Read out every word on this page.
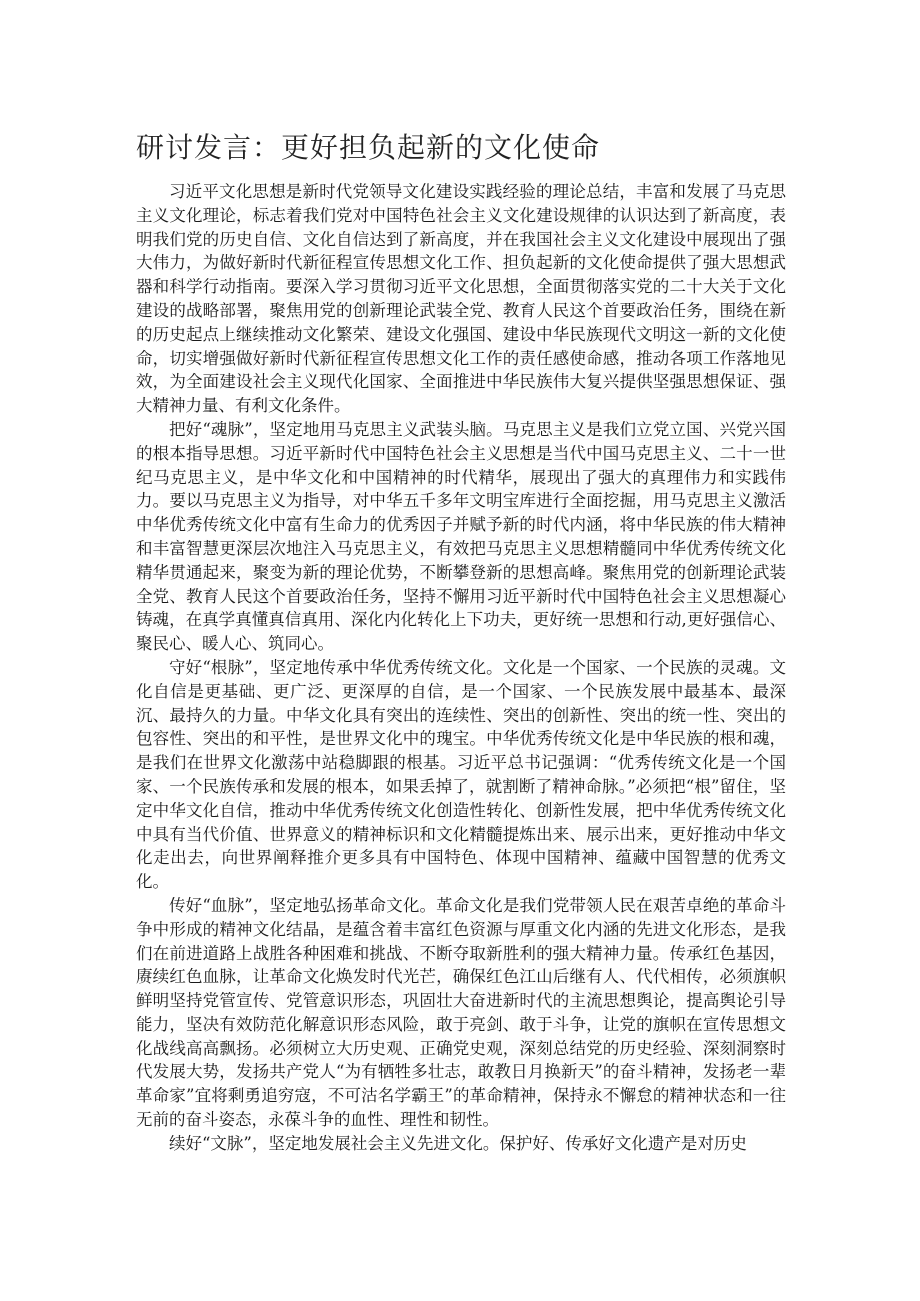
研讨发言：更好担负起新的文化使命

习近平文化思想是新时代党领导文化建设实践经验的理论总结，丰富和发展了马克思主义文化理论，标志着我们党对中国特色社会主义文化建设规律的认识达到了新高度，表明我们党的历史自信、文化自信达到了新高度，并在我国社会主义文化建设中展现出了强大伟力，为做好新时代新征程宣传思想文化工作、担负起新的文化使命提供了强大思想武器和科学行动指南。要深入学习贯彻习近平文化思想，全面贯彻落实党的二十大关于文化建设的战略部署，聚焦用党的创新理论武装全党、教育人民这个首要政治任务，围绕在新的历史起点上继续推动文化繁荣、建设文化强国、建设中华民族现代文明这一新的文化使命，切实增强做好新时代新征程宣传思想文化工作的责任感使命感，推动各项工作落地见效，为全面建设社会主义现代化国家、全面推进中华民族伟大复兴提供坚强思想保证、强大精神力量、有利文化条件。

把好“魂脉”，坚定地用马克思主义武装头脑。马克思主义是我们立党立国、兴党兴国的根本指导思想。习近平新时代中国特色社会主义思想是当代中国马克思主义、二十一世纪马克思主义，是中华文化和中国精神的时代精华，展现出了强大的真理伟力和实践伟力。要以马克思主义为指导，对中华五千多年文明宝库进行全面挖掘，用马克思主义激活中华优秀传统文化中富有生命力的优秀因子并赋予新的时代内涵，将中华民族的伟大精神和丰富智慧更深层次地注入马克思主义，有效把马克思主义思想精髓同中华优秀传统文化精华贯通起来，聚变为新的理论优势，不断攀登新的思想高峰。聚焦用党的创新理论武装全党、教育人民这个首要政治任务，坚持不懈用习近平新时代中国特色社会主义思想凝心铸魂，在真学真懂真信真用、深化内化转化上下功夫，更好统一思想和行动,更好强信心、聚民心、暖人心、筑同心。

守好“根脉”，坚定地传承中华优秀传统文化。文化是一个国家、一个民族的灵魂。文化自信是更基础、更广泛、更深厚的自信，是一个国家、一个民族发展中最基本、最深沉、最持久的力量。中华文化具有突出的连续性、突出的创新性、突出的统一性、突出的包容性、突出的和平性，是世界文化中的瑰宝。中华优秀传统文化是中华民族的根和魂，是我们在世界文化激荡中站稳脚跟的根基。习近平总书记强调：“优秀传统文化是一个国家、一个民族传承和发展的根本，如果丢掉了，就割断了精神命脉。”必须把“根”留住，坚定中华文化自信，推动中华优秀传统文化创造性转化、创新性发展，把中华优秀传统文化中具有当代价值、世界意义的精神标识和文化精髓提炼出来、展示出来，更好推动中华文化走出去，向世界阐释推介更多具有中国特色、体现中国精神、蕴藏中国智慧的优秀文化。

传好“血脉”，坚定地弘扬革命文化。革命文化是我们党带领人民在艰苦卓绝的革命斗争中形成的精神文化结晶，是蕴含着丰富红色资源与厚重文化内涵的先进文化形态，是我们在前进道路上战胜各种困难和挑战、不断夺取新胜利的强大精神力量。传承红色基因，赓续红色血脉，让革命文化焕发时代光芒，确保红色江山后继有人、代代相传，必须旗帜鲜明坚持党管宣传、党管意识形态，巩固壮大奋进新时代的主流思想舆论，提高舆论引导能力，坚决有效防范化解意识形态风险，敢于亮剑、敢于斗争，让党的旗帜在宣传思想文化战线高高飘扬。必须树立大历史观、正确党史观，深刻总结党的历史经验、深刻洞察时代发展大势，发扬共产党人“为有牺牲多壮志，敢教日月换新天”的奋斗精神，发扬老一辈革命家”宜将剩勇追穷寇，不可沽名学霸王”的革命精神，保持永不懈怠的精神状态和一往无前的奋斗姿态，永葆斗争的血性、理性和韧性。

续好“文脉”，坚定地发展社会主义先进文化。保护好、传承好文化遗产是对历史
